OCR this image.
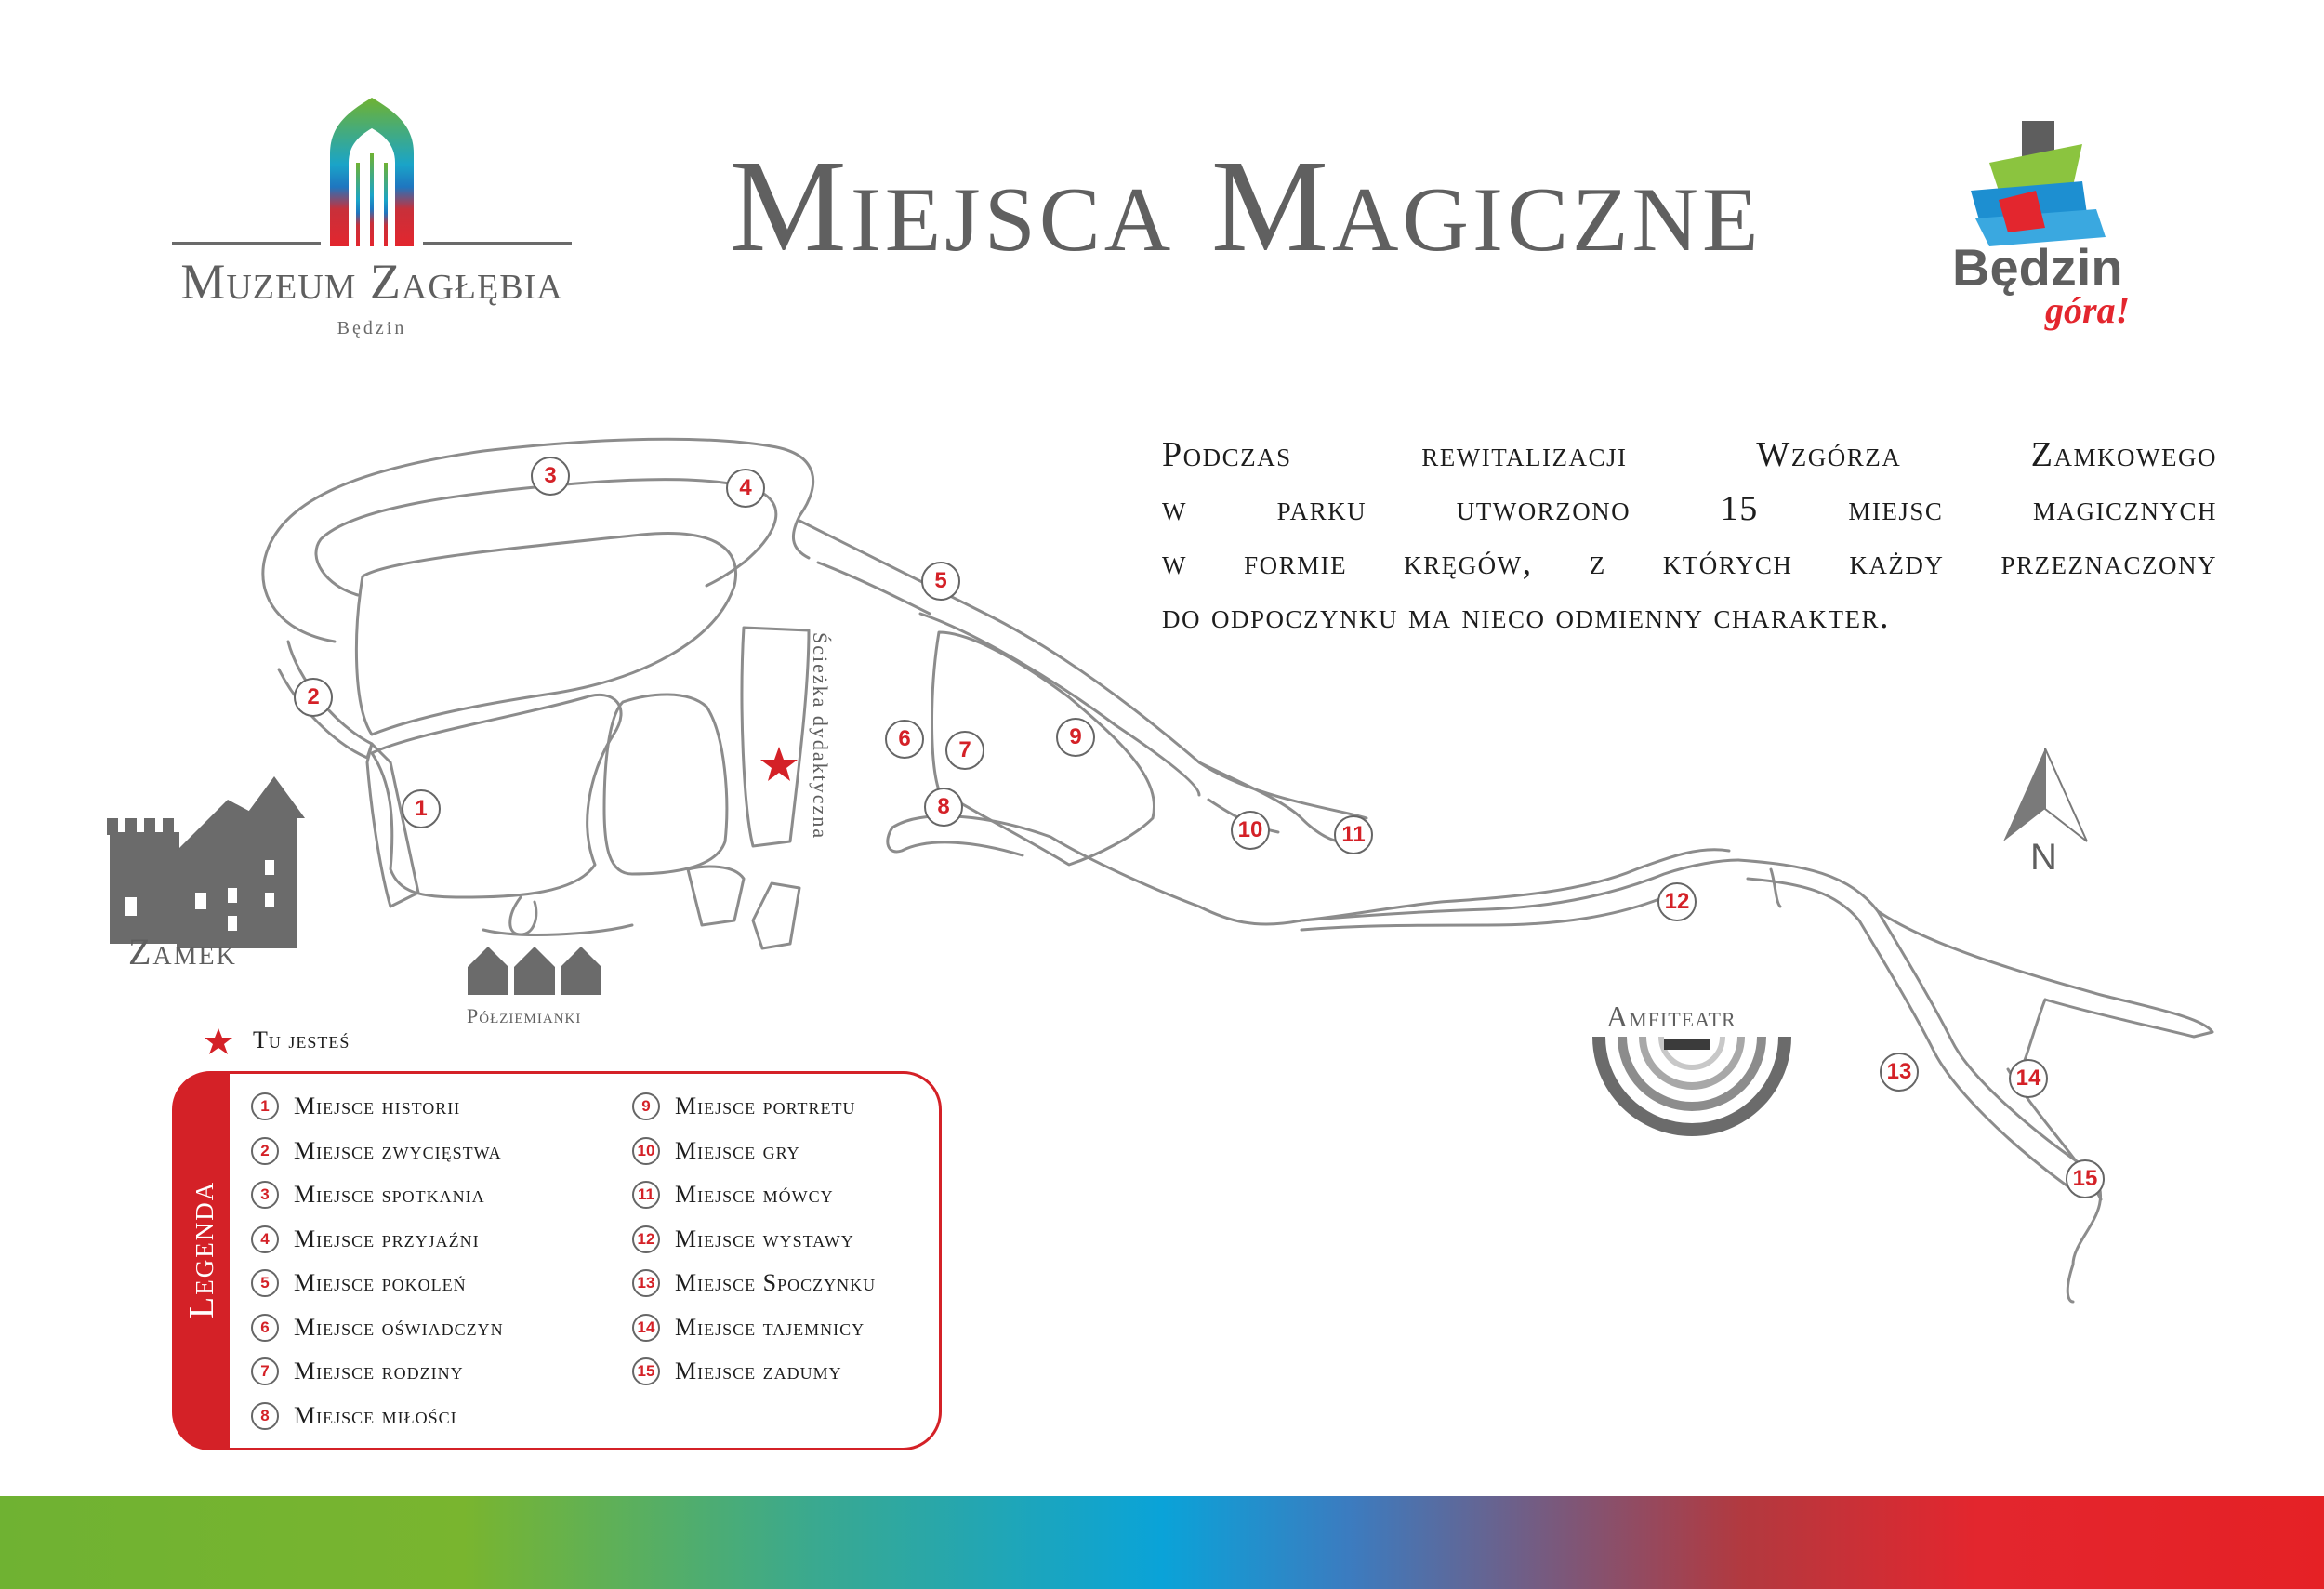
Ścieżka dydaktyczna
Muzeum Zagłębia
Będzin
Miejsca Magiczne	Będzin
góra!
Podczas rewitalizacji Wzgórza Zamkowego
w parku utworzono 15 miejsc magicznych
w formie kręgów, z których każdy przeznaczony
do odpoczynku ma nieco odmienny charakter.
Zamek
Półziemianki	Amfiteatr
N
1
2
3	4
5
6	7
8
9
10	11
12
13	14
15
Tu jesteś
Legenda
1	Miejsce historii
2	Miejsce zwycięstwa
3	Miejsce spotkania
4	Miejsce przyjaźni
5	Miejsce pokoleń
6	Miejsce oświadczyn
7	Miejsce rodziny
8	Miejsce miłości
9	Miejsce portretu
10 Miejsce gry
11 Miejsce mówcy
12 Miejsce wystawy
13 Miejsce Spoczynku
14 Miejsce tajemnicy
15 Miejsce zadumy
